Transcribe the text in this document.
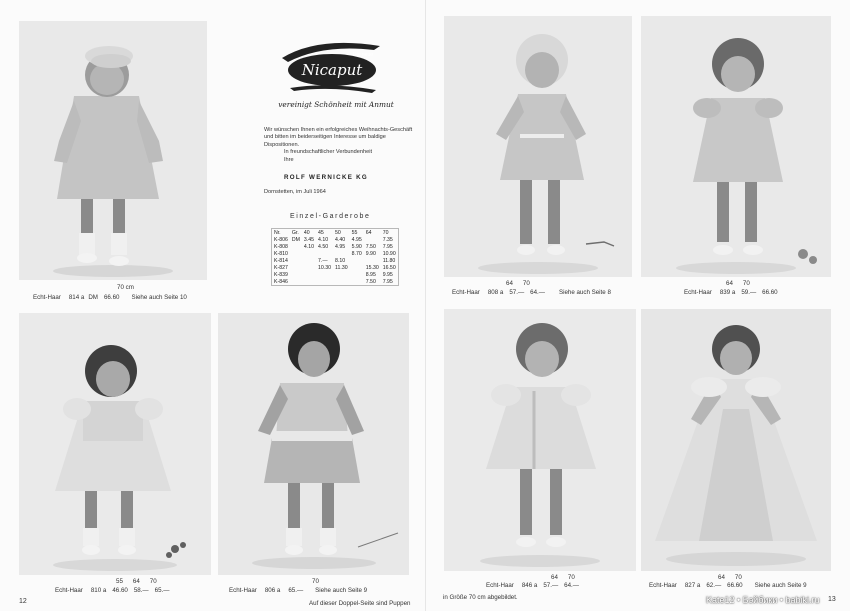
70 cm
Echt-Haar 814 a DM 66.60 Siehe auch Seite 10
Die neue
Nicaput
vereinigt Schönheit mit Anmut

Wir wünschen Ihnen ein erfolgreiches Weihnachts-Geschäft und bitten im beiderseitigen Interesse um baldige Dispositionen.

In freundschaftlicher Verbundenheit

Ihre

ROLF WERNICKE KG
Dornstetten, im Juli 1964
Einzel-Garderobe
Nr.	Gr.	40	45	50	55	64	70
K-806	DM	3.45	4.10	4.40	4.95		7.35
K-808		4.10	4.50	4.95	5.90	7.50	7.95
K-810					8.70	9.90	10.90
K-814			7.—	8.10			11.80
K-827			10.30	11.30		15.30	16.50
K-839						8.95	9.95
K-846						7.50	7.95
55 64 70
Echt-Haar 810 a 46.60 58.— 65.—
70
Echt-Haar 806 a 65.— Siehe auch Seite 9
12	Auf dieser Doppel-Seite sind Puppen
64 70
Echt-Haar 808 a 57.— 64.— Siehe auch Seite 8
64 70
Echt-Haar 839 a 59.— 66.60
64 70
Echt-Haar 846 a 57.— 64.—
64 70
Echt-Haar 827 a 62.— 66.60 Siehe auch Seite 9
in Größe 70 cm abgebildet.	13
Kate12 • Бэйбики • babiki.ru
